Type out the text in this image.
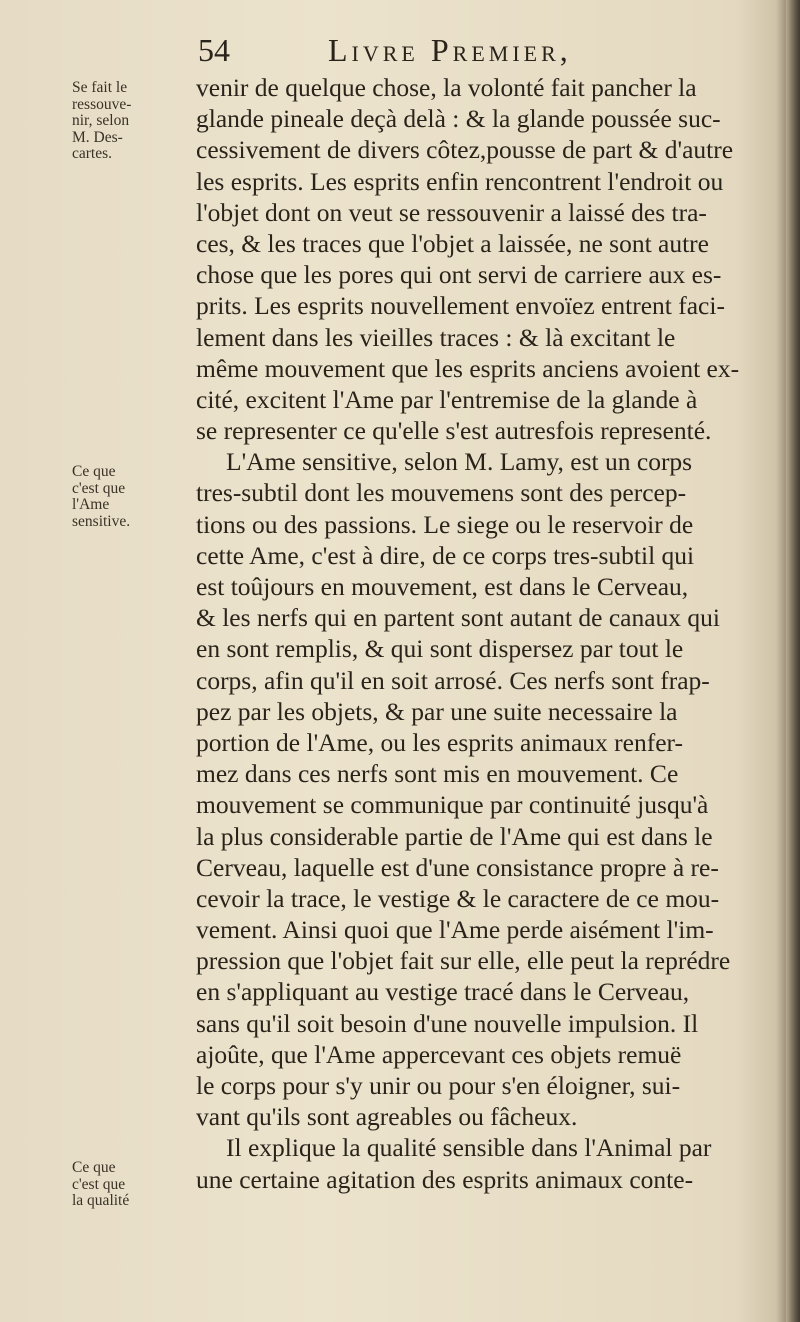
54	Livre Premier,
Se fait le
ressouve-
nir, selon
M. Des-
cartes.
Ce que
c'est que
l'Ame
sensitive.
Ce que
c'est que
la qualité
venir de quelque chose, la volonté fait pancher la
glande pineale deçà delà : & la glande poussée suc-
cessivement de divers côtez,pousse de part & d'autre
les esprits. Les esprits enfin rencontrent l'endroit ou
l'objet dont on veut se ressouvenir a laissé des tra-
ces, & les traces que l'objet a laissée, ne sont autre
chose que les pores qui ont servi de carriere aux es-
prits. Les esprits nouvellement envoïez entrent faci-
lement dans les vieilles traces : & là excitant le
même mouvement que les esprits anciens avoient ex-
cité, excitent l'Ame par l'entremise de la glande à
se representer ce qu'elle s'est autresfois representé.
L'Ame sensitive, selon M. Lamy, est un corps
tres-subtil dont les mouvemens sont des percep-
tions ou des passions. Le siege ou le reservoir de
cette Ame, c'est à dire, de ce corps tres-subtil qui
est toûjours en mouvement, est dans le Cerveau,
& les nerfs qui en partent sont autant de canaux qui
en sont remplis, & qui sont dispersez par tout le
corps, afin qu'il en soit arrosé. Ces nerfs sont frap-
pez par les objets, & par une suite necessaire la
portion de l'Ame, ou les esprits animaux renfer-
mez dans ces nerfs sont mis en mouvement. Ce
mouvement se communique par continuité jusqu'à
la plus considerable partie de l'Ame qui est dans le
Cerveau, laquelle est d'une consistance propre à re-
cevoir la trace, le vestige & le caractere de ce mou-
vement. Ainsi quoi que l'Ame perde aisément l'im-
pression que l'objet fait sur elle, elle peut la reprédre
en s'appliquant au vestige tracé dans le Cerveau,
sans qu'il soit besoin d'une nouvelle impulsion. Il
ajoûte, que l'Ame appercevant ces objets remuë
le corps pour s'y unir ou pour s'en éloigner, sui-
vant qu'ils sont agreables ou fâcheux.
Il explique la qualité sensible dans l'Animal par
une certaine agitation des esprits animaux conte-
